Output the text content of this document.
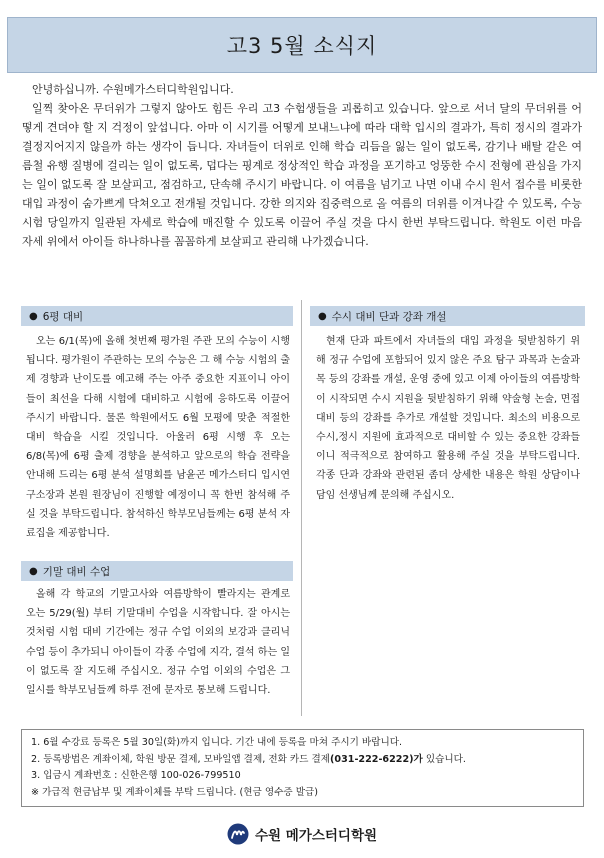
고3 5월 소식지

안녕하십니까. 수원메가스터디학원입니다.

일찍 찾아온 무더위가 그렇지 않아도 힘든 우리 고3 수험생들을 괴롭히고 있습니다. 앞으로 서너 달의 무더위를 어떻게 견뎌야 할 지 걱정이 앞섭니다. 아마 이 시기를 어떻게 보내느냐에 따라 대학 입시의 결과가, 특히 정시의 결과가 결정지어지지 않을까 하는 생각이 듭니다. 자녀들이 더위로 인해 학습 리듬을 잃는 일이 없도록, 감기나 배탈 같은 여름철 유행 질병에 걸리는 일이 없도록, 덥다는 핑계로 정상적인 학습 과정을 포기하고 엉뚱한 수시 전형에 관심을 가지는 일이 없도록 잘 보살피고, 점검하고, 단속해 주시기 바랍니다. 이 여름을 넘기고 나면 이내 수시 원서 접수를 비롯한 대입 과정이 숨가쁘게 닥쳐오고 전개될 것입니다. 강한 의지와 집중력으로 올 여름의 더위를 이겨나갈 수 있도록, 수능 시험 당일까지 일관된 자세로 학습에 매진할 수 있도록 이끌어 주실 것을 다시 한번 부탁드립니다. 학원도 이런 마음 자세 위에서 아이들 하나하나를 꼼꼼하게 보살피고 관리해 나가겠습니다.

● 6평 대비

오는 6/1(목)에 올해 첫번째 평가원 주관 모의 수능이 시행됩니다. 평가원이 주관하는 모의 수능은 그 해 수능 시험의 출제 경향과 난이도를 예고해 주는 아주 중요한 지표이니 아이들이 최선을 다해 시험에 대비하고 시험에 응하도록 이끌어 주시기 바랍니다. 물론 학원에서도 6월 모평에 맞춘 적절한 대비 학습을 시킬 것입니다. 아울러 6평 시행 후 오는 6/8(목)에 6평 출제 경향을 분석하고 앞으로의 학습 전략을 안내해 드리는 6평 분석 설명회를 남윤곤 메가스터디 입시연구소장과 본원 원장님이 진행할 예정이니 꼭 한번 참석해 주실 것을 부탁드립니다. 참석하신 학부모님들께는 6평 분석 자료집을 제공합니다.

● 기말 대비 수업

올해 각 학교의 기말고사와 여름방학이 빨라지는 관계로 오는 5/29(월) 부터 기말대비 수업을 시작합니다. 잘 아시는 것처럼 시험 대비 기간에는 정규 수업 이외의 보강과 클리닉 수업 등이 추가되니 아이들이 각종 수업에 지각, 결석 하는 일이 없도록 잘 지도해 주십시오. 정규 수업 이외의 수업은 그 일시를 학부모님들께 하루 전에 문자로 통보해 드립니다.

● 수시 대비 단과 강좌 개설

현재 단과 파트에서 자녀들의 대입 과정을 뒷받침하기 위해 정규 수업에 포함되어 있지 않은 주요 탐구 과목과 논술과목 등의 강좌를 개설, 운영 중에 있고 이제 아이들의 여름방학이 시작되면 수시 지원을 뒷받침하기 위해 약술형 논술, 면접대비 등의 강좌를 추가로 개설할 것입니다. 최소의 비용으로 수시,정시 지원에 효과적으로 대비할 수 있는 중요한 강좌들이니 적극적으로 참여하고 활용해 주실 것을 부탁드립니다. 각종 단과 강좌와 관련된 좀더 상세한 내용은 학원 상담이나 담임 선생님께 문의해 주십시오.

1. 6월 수강료 등록은 5월 30일(화)까지 입니다. 기간 내에 등록을 마쳐 주시기 바랍니다.
2. 등록방법은 계좌이체, 학원 방문 결제, 모바일앱 결제, 전화 카드 결제(031-222-6222)가 있습니다.
3. 입금시 계좌번호 : 신한은행 100-026-799510
※ 가급적 현금납부 및 계좌이체를 부탁 드립니다. (현금 영수증 발급)
수원 메가스터디학원
